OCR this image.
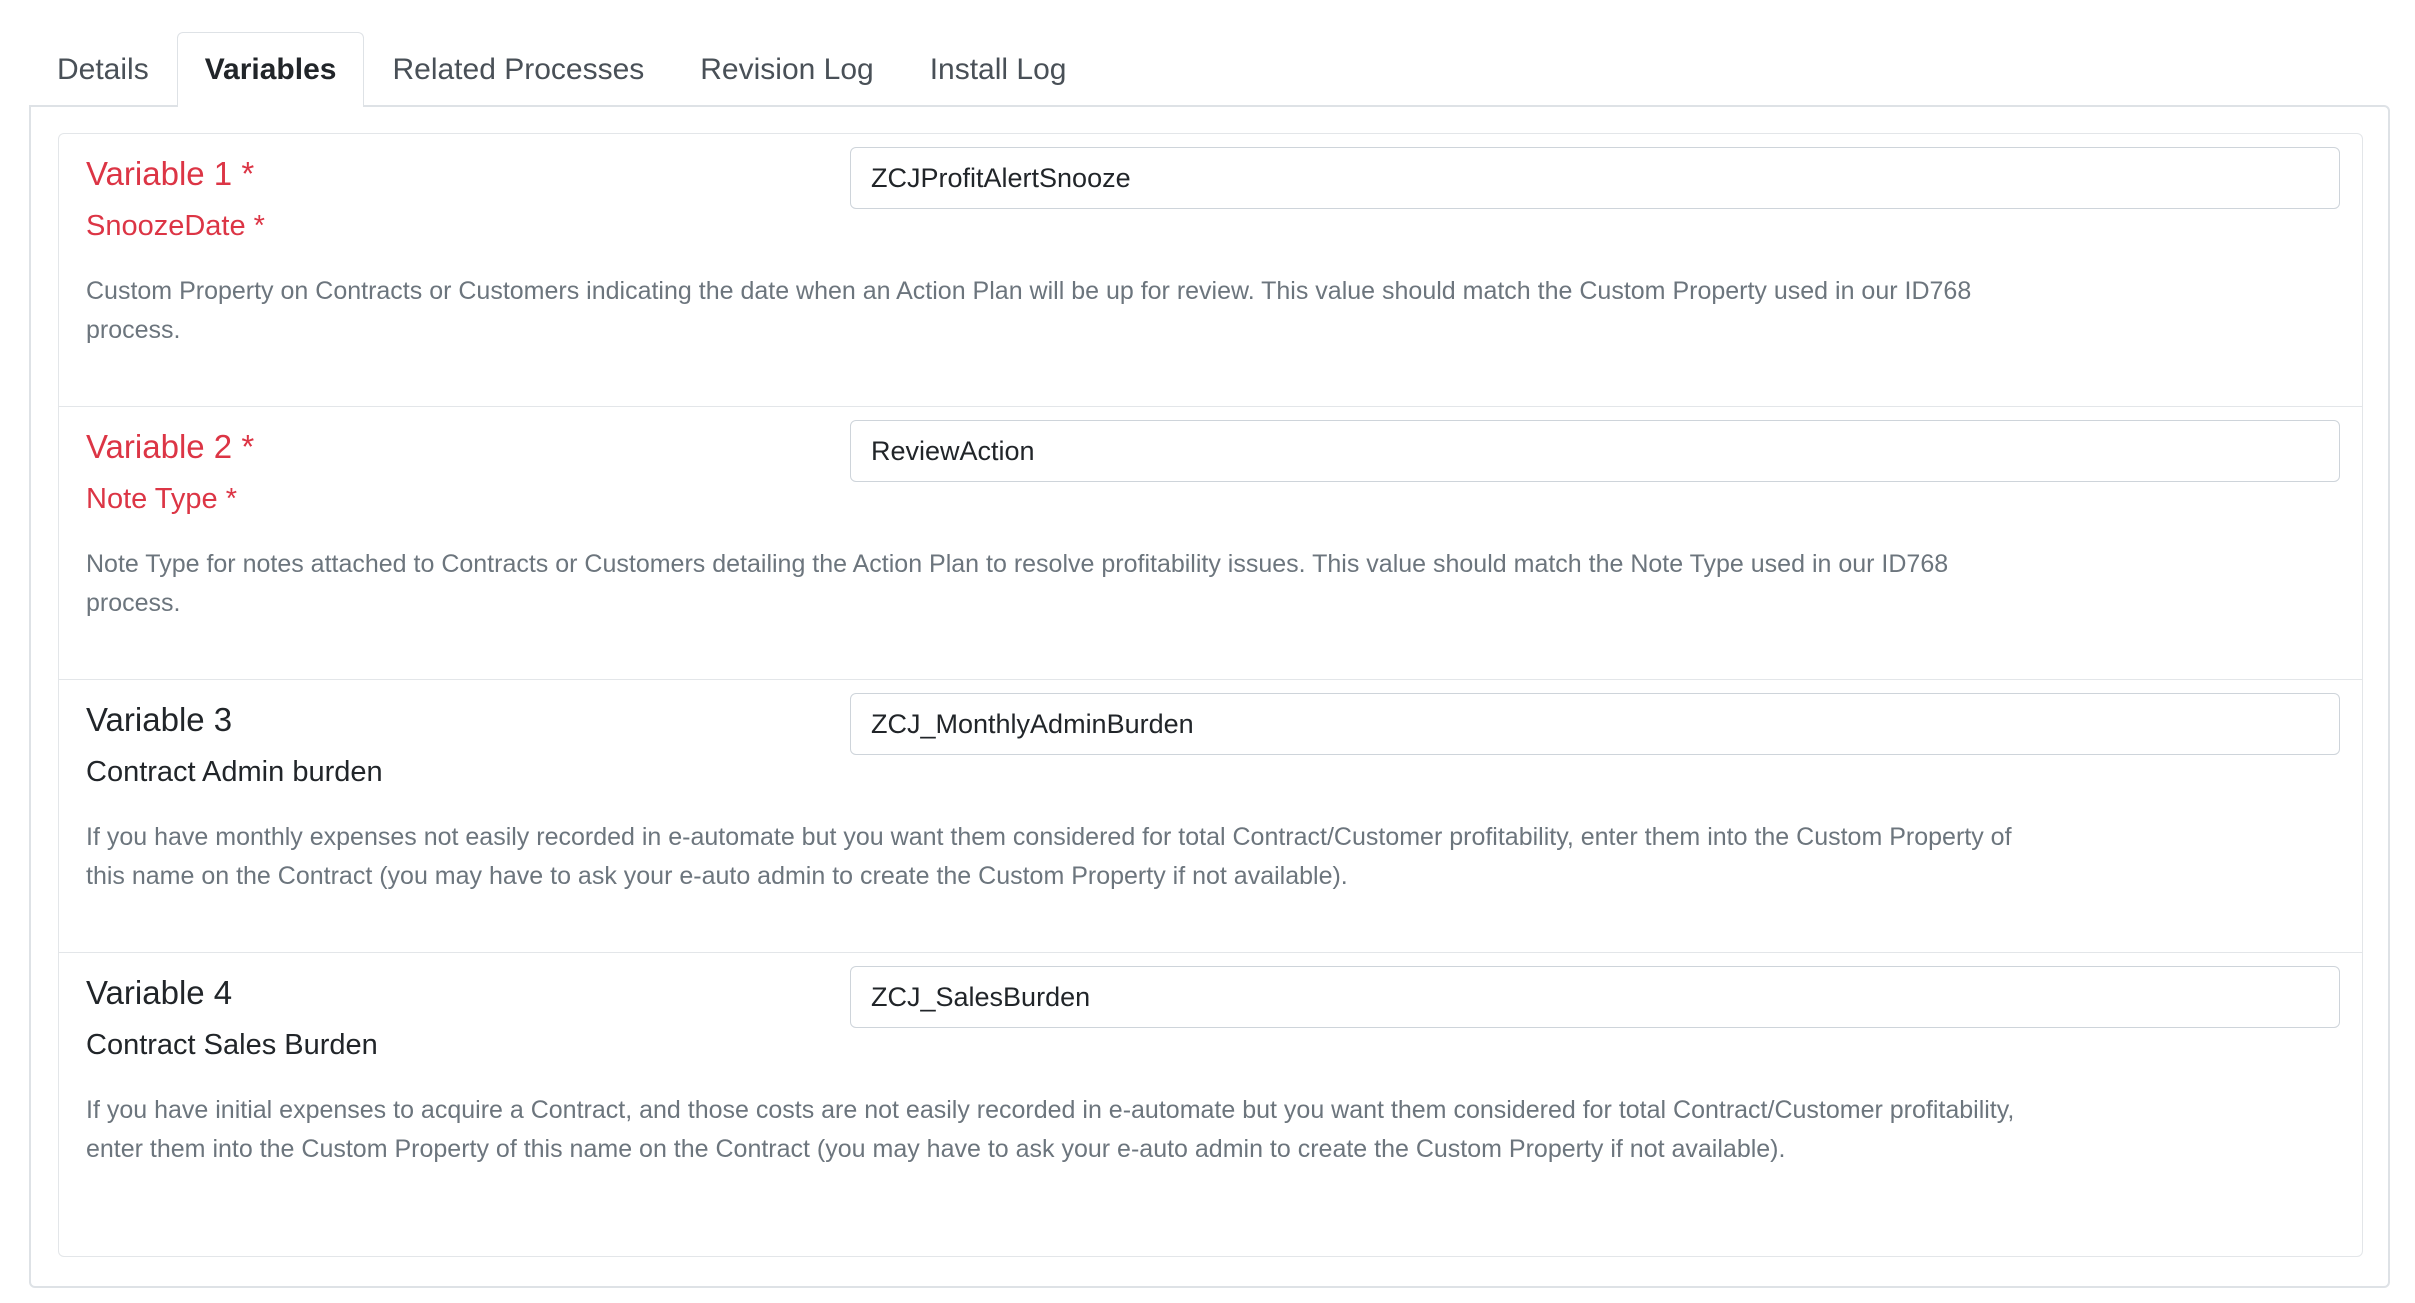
Details	Variables	Related Processes	Revision Log	Install Log
Variable 1 *
SnoozeDate *
ZCJProfitAlertSnooze
Custom Property on Contracts or Customers indicating the date when an Action Plan will be up for review. This value should match the Custom Property used in our ID768 process.
Variable 2 *
Note Type *
ReviewAction
Note Type for notes attached to Contracts or Customers detailing the Action Plan to resolve profitability issues. This value should match the Note Type used in our ID768 process.
Variable 3
Contract Admin burden
ZCJ_MonthlyAdminBurden
If you have monthly expenses not easily recorded in e-automate but you want them considered for total Contract/Customer profitability, enter them into the Custom Property of this name on the Contract (you may have to ask your e-auto admin to create the Custom Property if not available).
Variable 4
Contract Sales Burden
ZCJ_SalesBurden
If you have initial expenses to acquire a Contract, and those costs are not easily recorded in e-automate but you want them considered for total Contract/Customer profitability, enter them into the Custom Property of this name on the Contract (you may have to ask your e-auto admin to create the Custom Property if not available).
